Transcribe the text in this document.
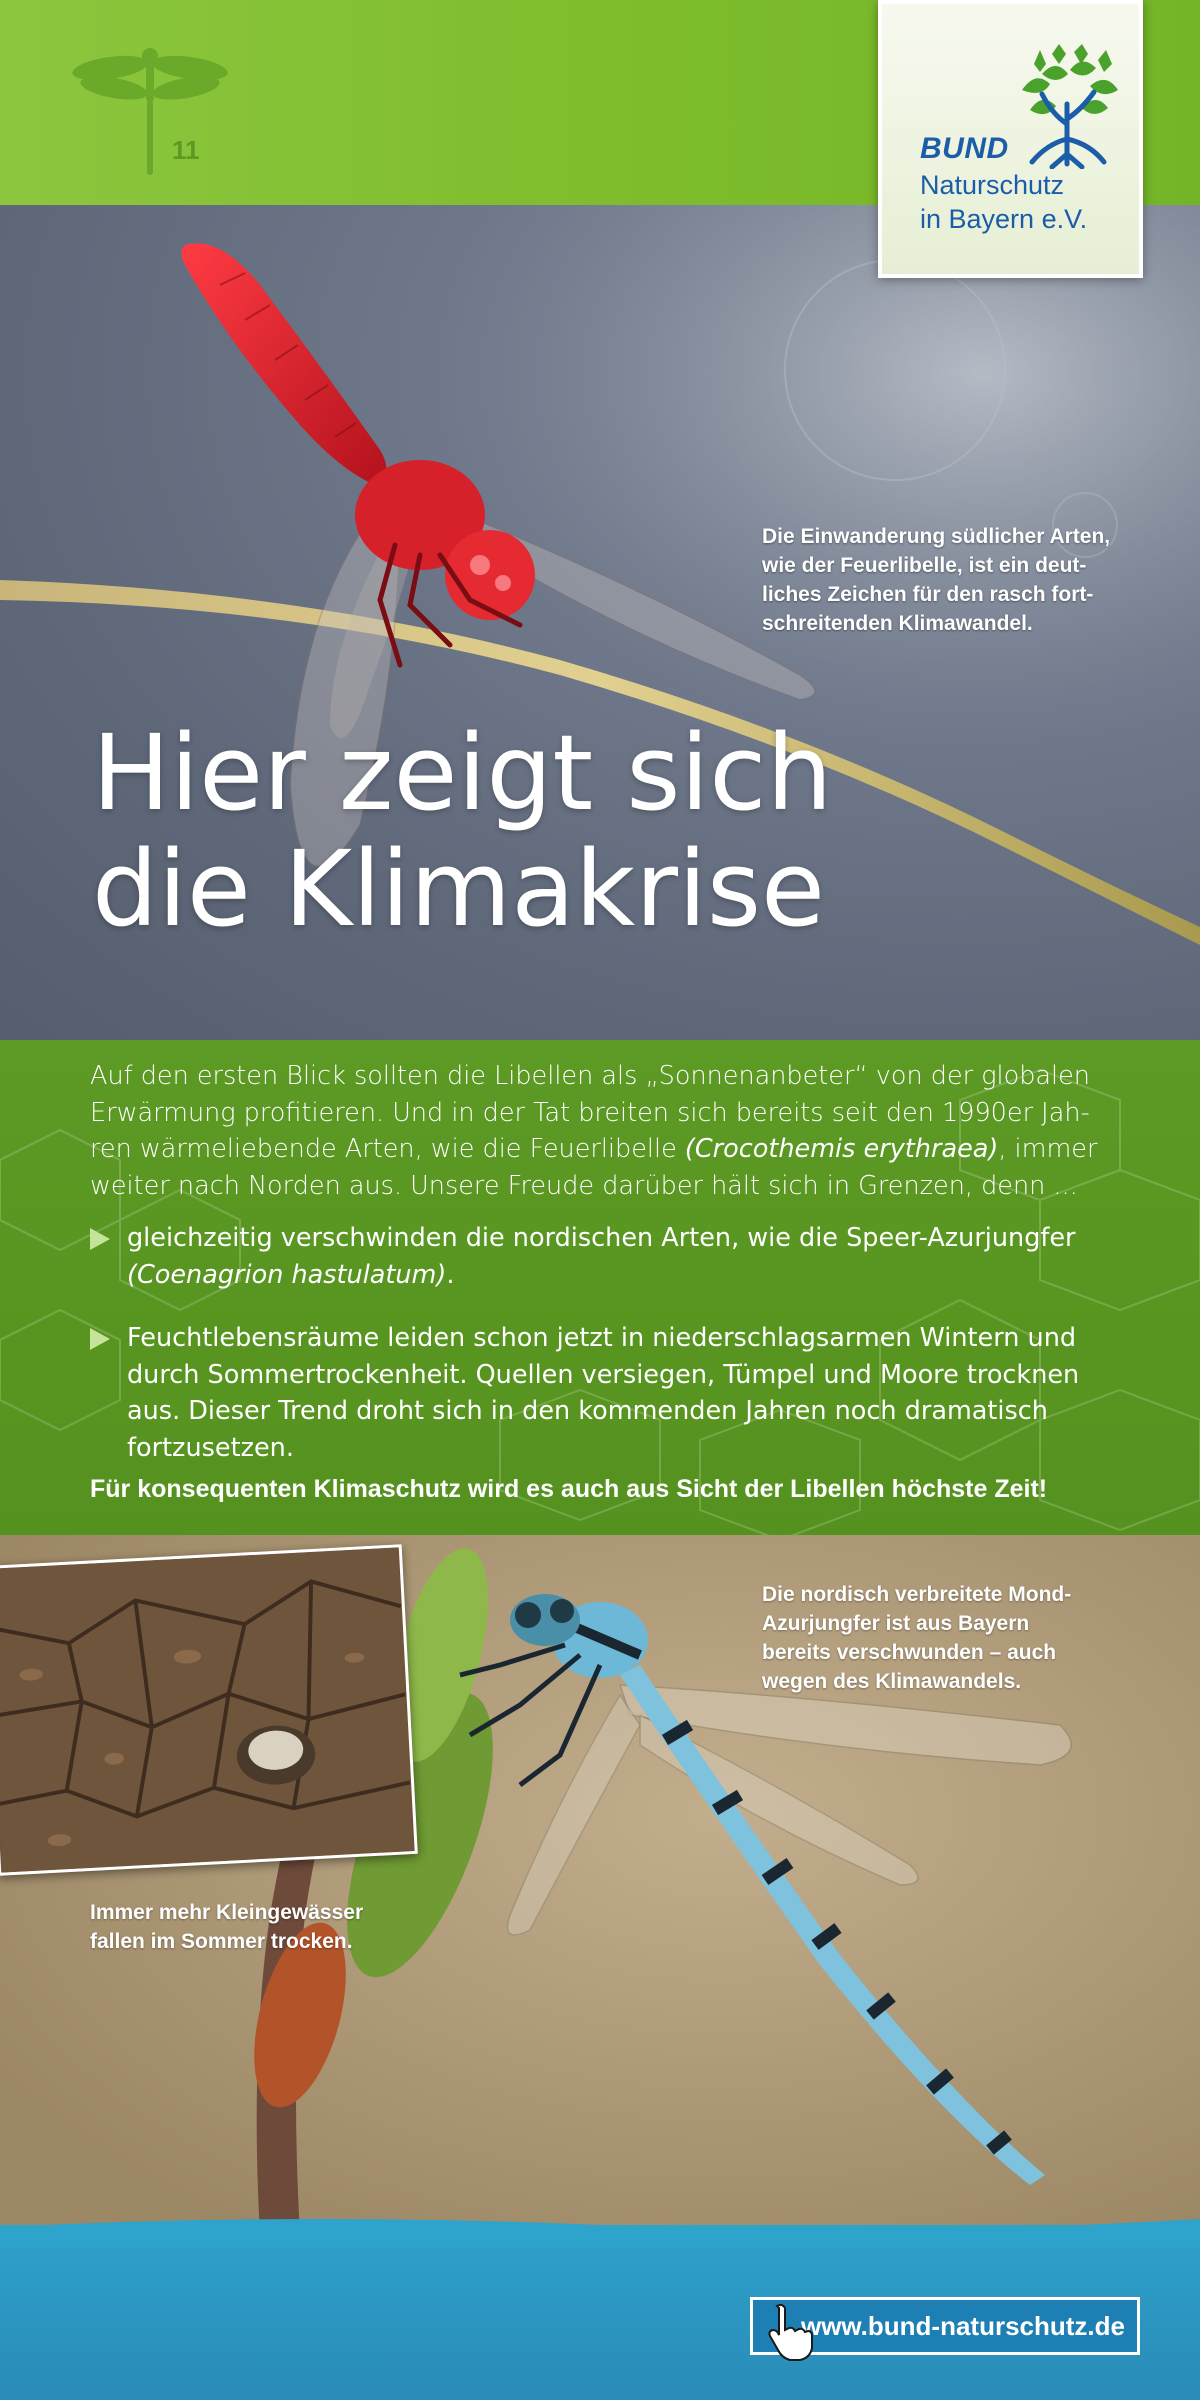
11	BUND
Naturschutz
in Bayern e.V.
Die Einwanderung südlicher Arten,
wie der Feuerlibelle, ist ein deut-
liches Zeichen für den rasch fort-
schreitenden Klimawandel.
Hier zeigt sich
die Klimakrise
Auf den ersten Blick sollten die Libellen als „Sonnenanbeter“ von der globalen
Erwärmung profitieren. Und in der Tat breiten sich bereits seit den 1990er Jah-
ren wärmeliebende Arten, wie die Feuerlibelle (Crocothemis erythraea), immer
weiter nach Norden aus. Unsere Freude darüber hält sich in Grenzen, denn ...
gleichzeitig verschwinden die nordischen Arten, wie die Speer-Azurjungfer
(Coenagrion hastulatum).
Feuchtlebensräume leiden schon jetzt in niederschlagsarmen Wintern und
durch Sommertrockenheit. Quellen versiegen, Tümpel und Moore trocknen
aus. Dieser Trend droht sich in den kommenden Jahren noch dramatisch
fortzusetzen.
Für konsequenten Klimaschutz wird es auch aus Sicht der Libellen höchste Zeit!
Die nordisch verbreitete Mond-
Azurjungfer ist aus Bayern
bereits verschwunden – auch
wegen des Klimawandels.
Immer mehr Kleingewässer
fallen im Sommer trocken.
www.bund-naturschutz.de
